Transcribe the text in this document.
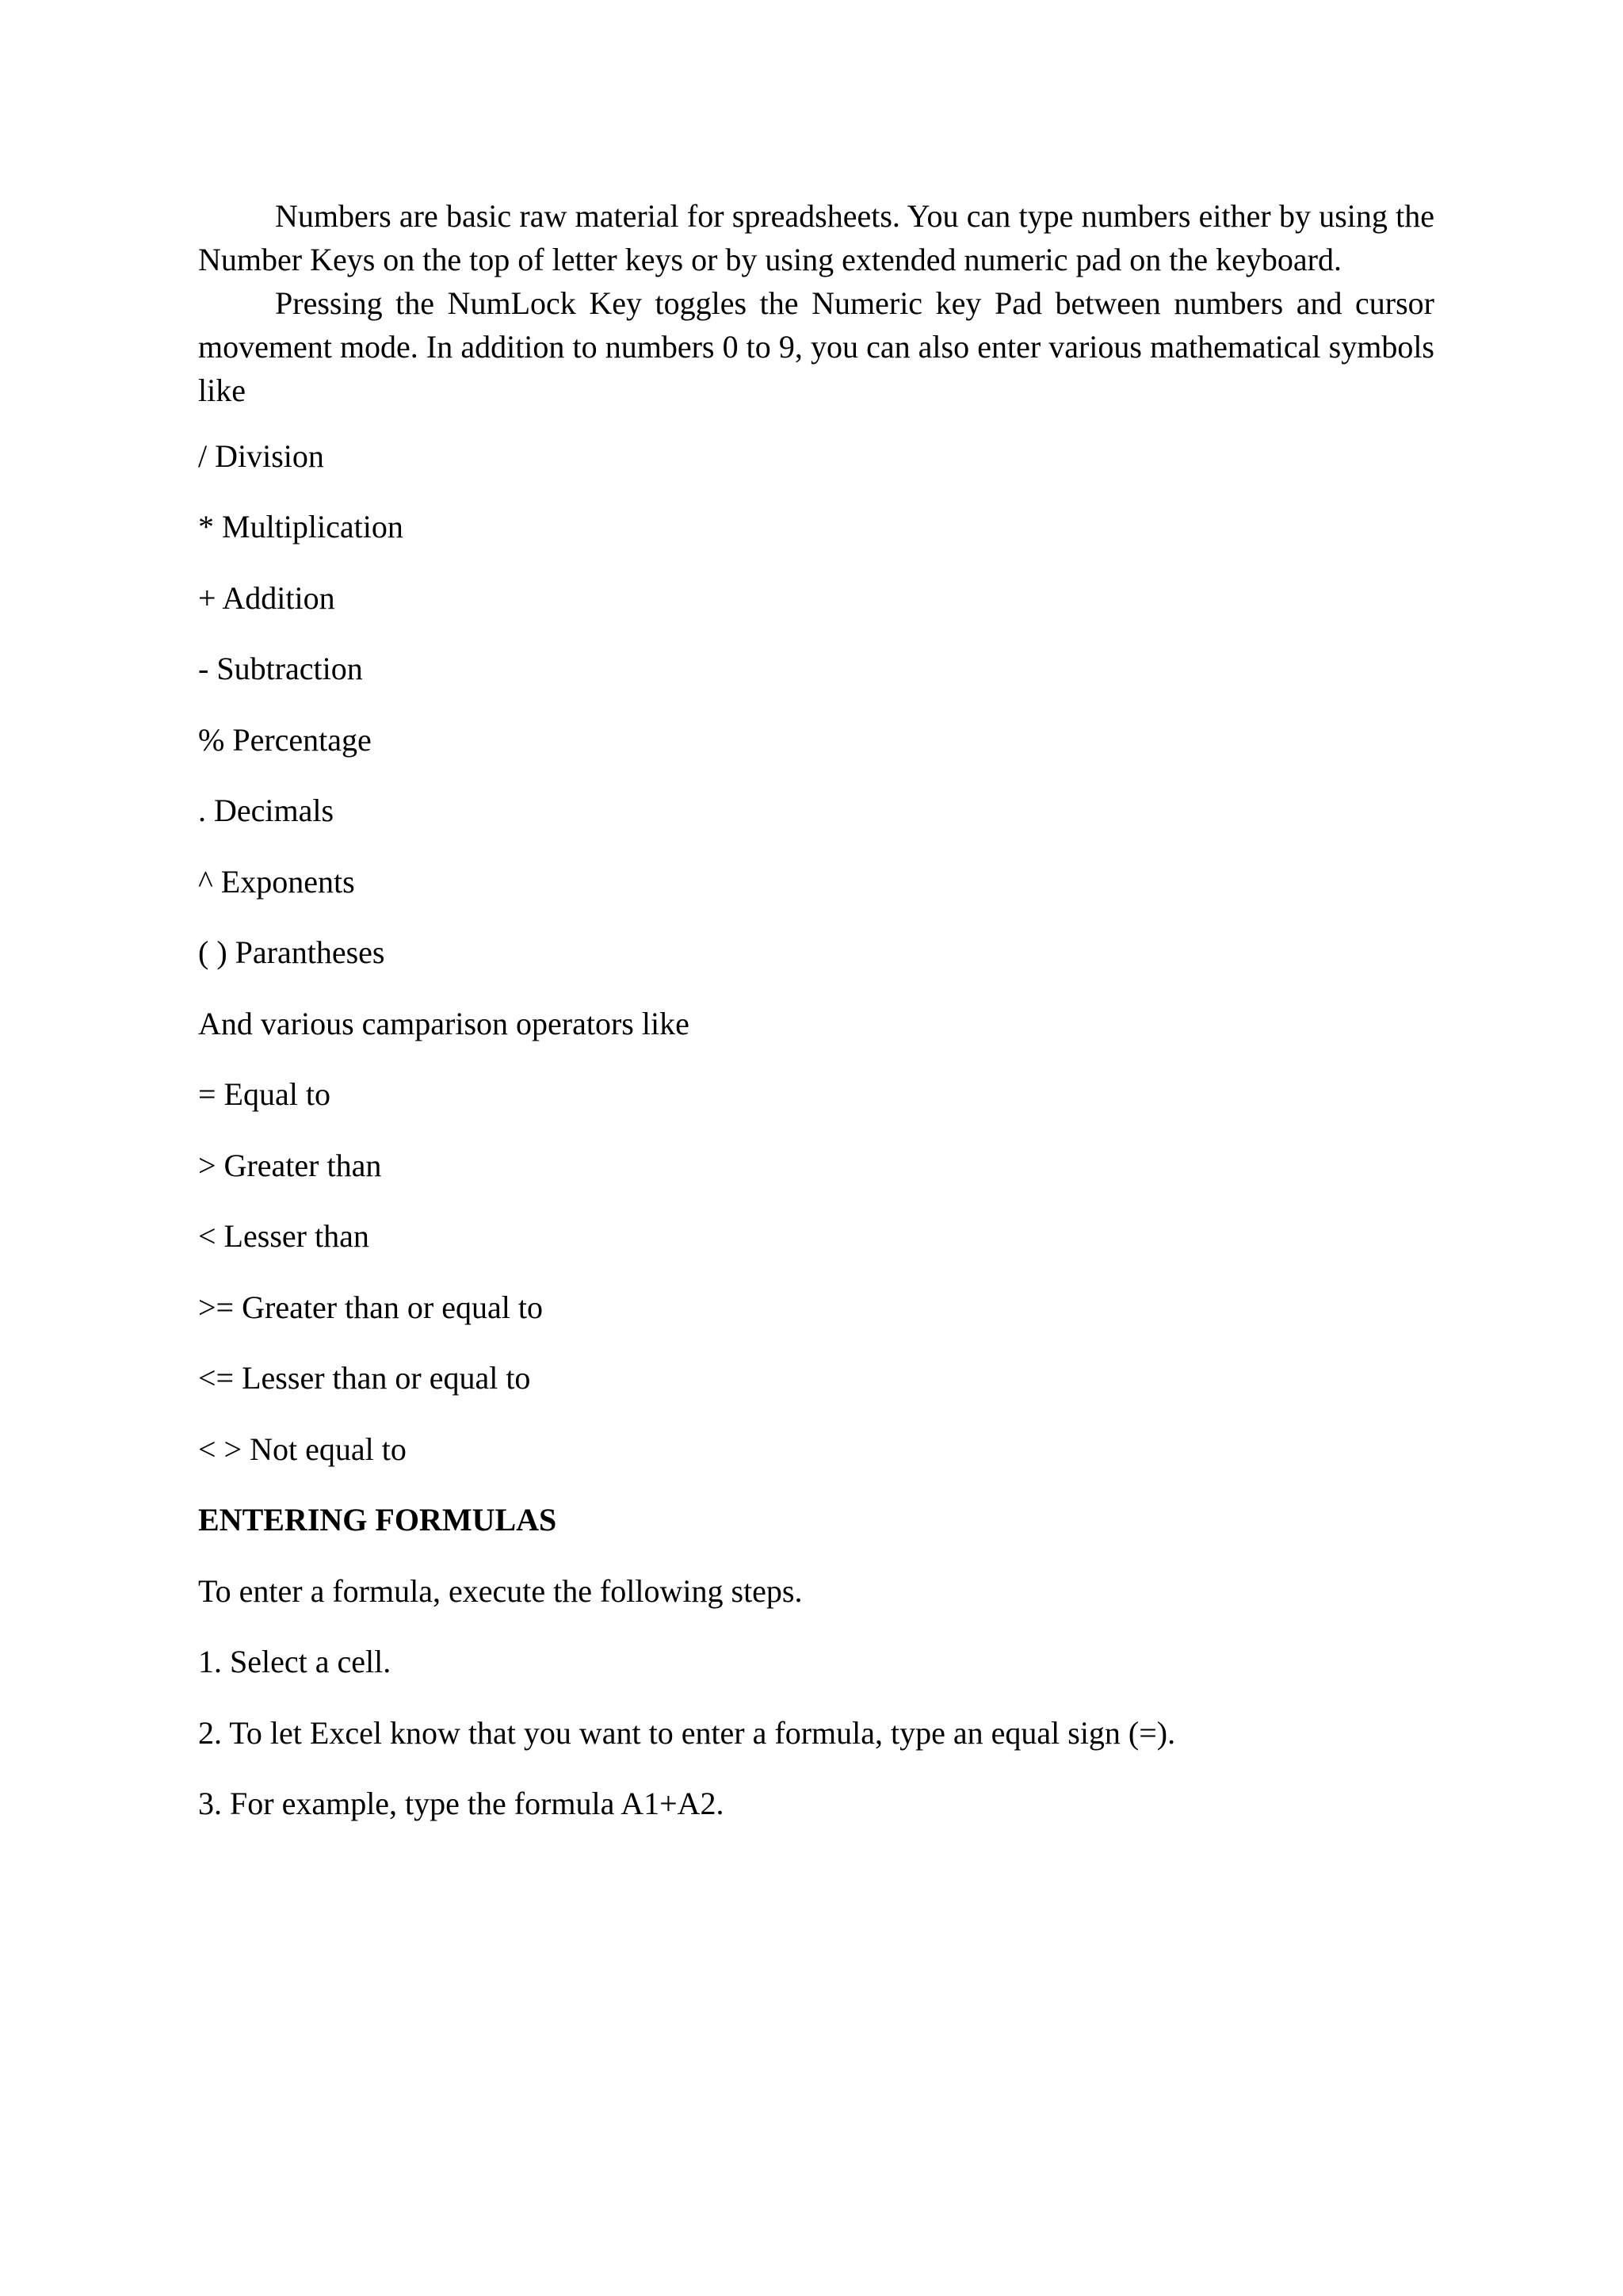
Numbers are basic raw material for spreadsheets. You can type numbers either by using the Number Keys on the top of letter keys or by using extended numeric pad on the keyboard.

Pressing the NumLock Key toggles the Numeric key Pad between numbers and cursor movement mode. In addition to numbers 0 to 9, you can also enter various mathematical symbols like

/ Division

* Multiplication

+ Addition

- Subtraction

% Percentage

. Decimals

^ Exponents

( ) Parantheses

And various camparison operators like

= Equal to

> Greater than

< Lesser than

>= Greater than or equal to

<= Lesser than or equal to

< > Not equal to

ENTERING FORMULAS

To enter a formula, execute the following steps.

1. Select a cell.

2. To let Excel know that you want to enter a formula, type an equal sign (=).

3. For example, type the formula A1+A2.
